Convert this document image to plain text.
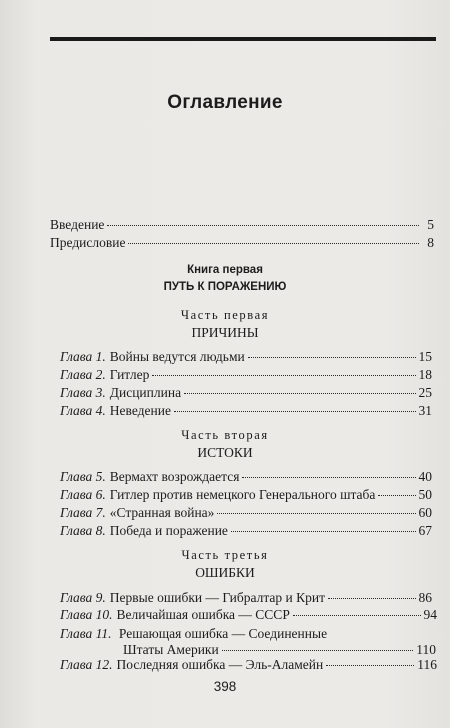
Оглавление
Введение	5
Предисловие	8
Книга первая
ПУТЬ К ПОРАЖЕНИЮ
Часть первая
ПРИЧИНЫ
Глава 1. Войны ведутся людьми	15
Глава 2. Гитлер	18
Глава 3. Дисциплина	25
Глава 4. Неведение	31
Часть вторая
ИСТОКИ
Глава 5. Вермахт возрождается	40
Глава 6. Гитлер против немецкого Генерального штаба	50
Глава 7. «Странная война»	60
Глава 8. Победа и поражение	67
Часть третья
ОШИБКИ
Глава 9. Первые ошибки — Гибралтар и Крит	86
Глава 10. Величайшая ошибка — СССР	94
Глава 11. Решающая ошибка — Соединенные
Штаты Америки	110
Глава 12. Последняя ошибка — Эль-Аламейн	116
398
